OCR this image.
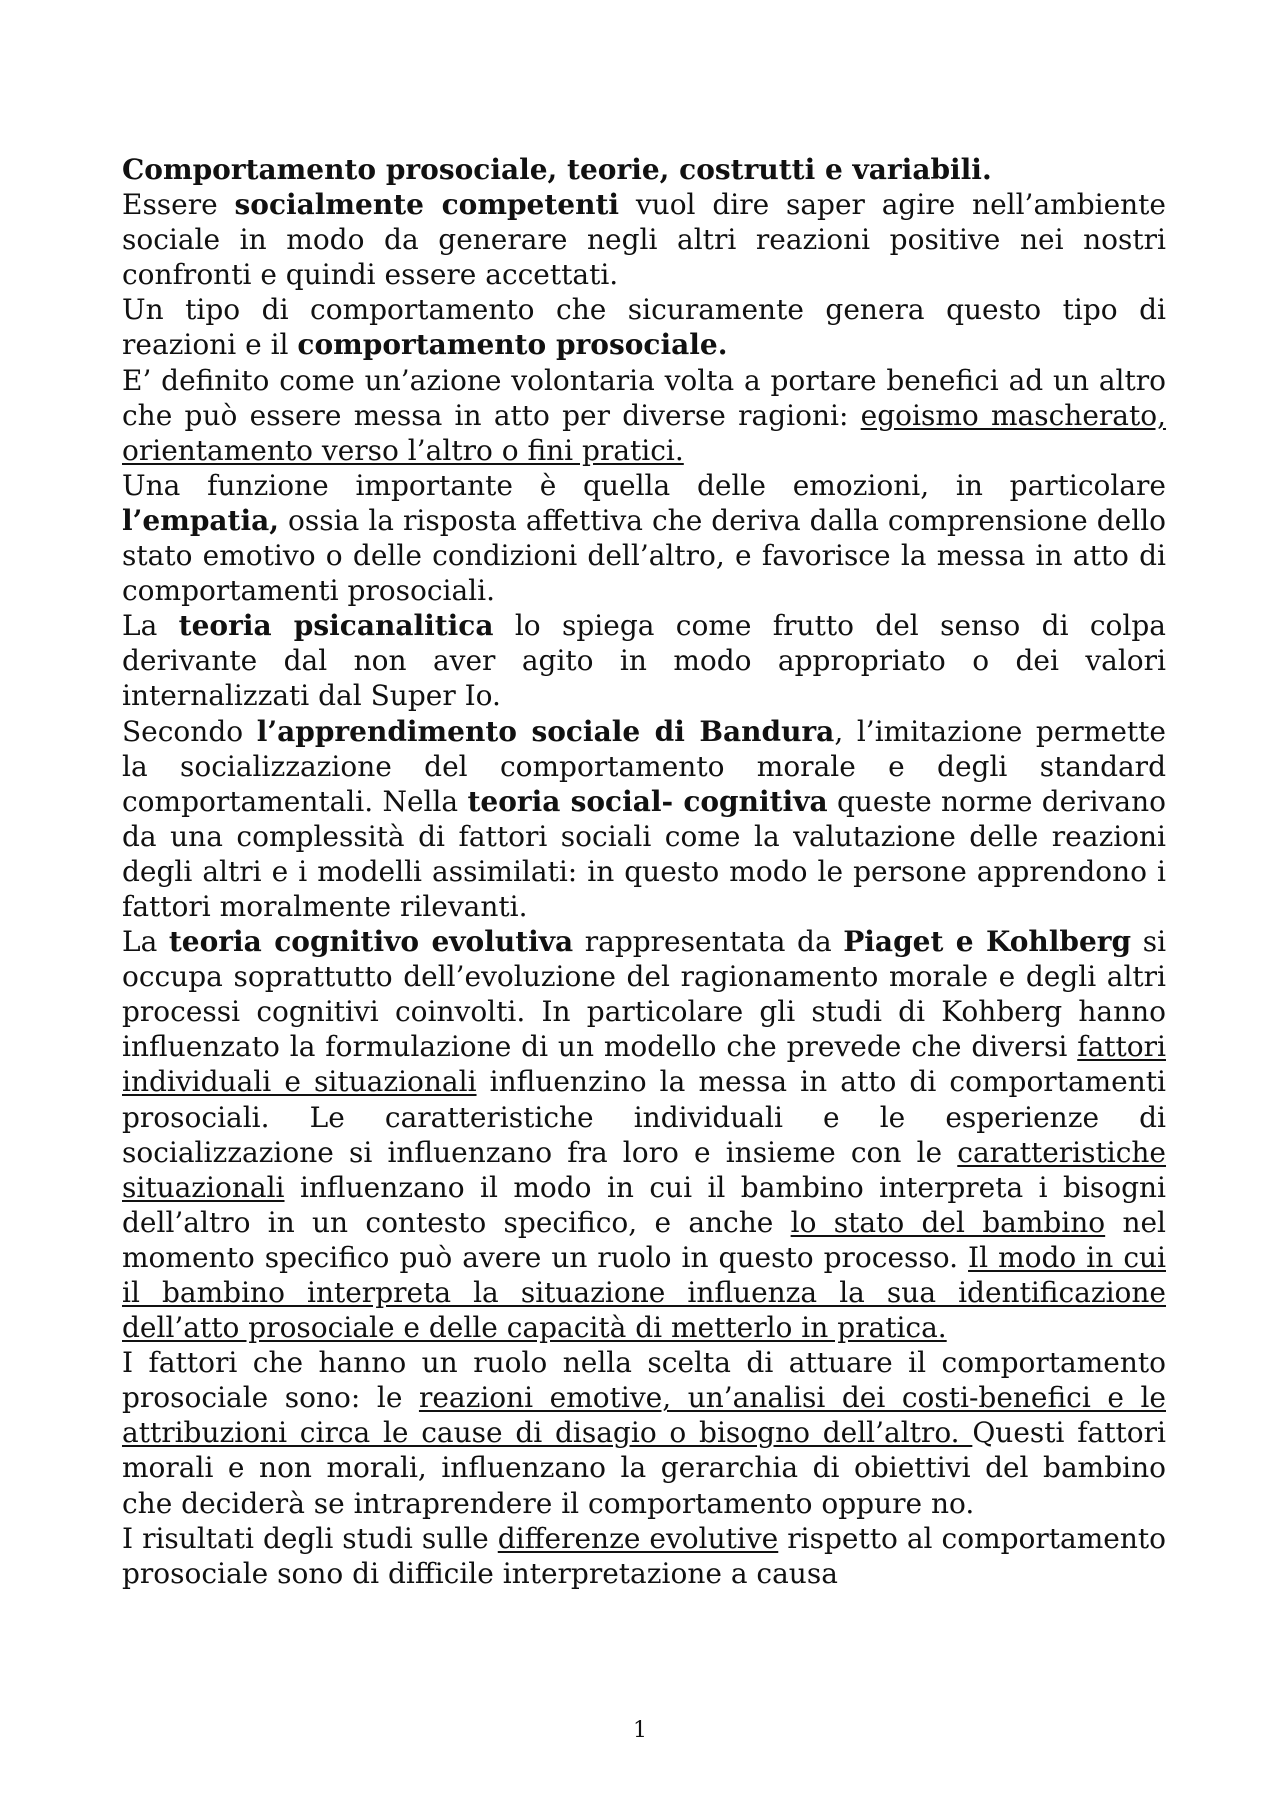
Comportamento prosociale, teorie, costrutti e variabili.

Essere socialmente competenti vuol dire saper agire nell’ambiente sociale in modo da generare negli altri reazioni positive nei nostri confronti e quindi essere accettati.

Un tipo di comportamento che sicuramente genera questo tipo di reazioni e il comportamento prosociale.

E’ definito come un’azione volontaria volta a portare benefici ad un altro che può essere messa in atto per diverse ragioni: egoismo mascherato, orientamento verso l’altro o fini pratici.

Una funzione importante è quella delle emozioni, in particolare l’empatia, ossia la risposta affettiva che deriva dalla comprensione dello stato emotivo o delle condizioni dell’altro, e favorisce la messa in atto di comportamenti prosociali.

La teoria psicanalitica lo spiega come frutto del senso di colpa derivante dal non aver agito in modo appropriato o dei valori internalizzati dal Super Io.

Secondo l’apprendimento sociale di Bandura, l’imitazione permette la socializzazione del comportamento morale e degli standard comportamentali. Nella teoria social- cognitiva queste norme derivano da una complessità di fattori sociali come la valutazione delle reazioni degli altri e i modelli assimilati: in questo modo le persone apprendono i fattori moralmente rilevanti.

La teoria cognitivo evolutiva rappresentata da Piaget e Kohlberg si occupa soprattutto dell’evoluzione del ragionamento morale e degli altri processi cognitivi coinvolti. In particolare gli studi di Kohberg hanno influenzato la formulazione di un modello che prevede che diversi fattori individuali e situazionali influenzino la messa in atto di comportamenti prosociali. Le caratteristiche individuali e le esperienze di socializzazione si influenzano fra loro e insieme con le caratteristiche situazionali influenzano il modo in cui il bambino interpreta i bisogni dell’altro in un contesto specifico, e anche lo stato del bambino nel momento specifico può avere un ruolo in questo processo. Il modo in cui il bambino interpreta la situazione influenza la sua identificazione dell’atto prosociale e delle capacità di metterlo in pratica.

I fattori che hanno un ruolo nella scelta di attuare il comportamento prosociale sono: le reazioni emotive, un’analisi dei costi-benefici e le attribuzioni circa le cause di disagio o bisogno dell’altro. Questi fattori morali e non morali, influenzano la gerarchia di obiettivi del bambino che deciderà se intraprendere il comportamento oppure no.

I risultati degli studi sulle differenze evolutive rispetto al comportamento prosociale sono di difficile interpretazione a causa

1
